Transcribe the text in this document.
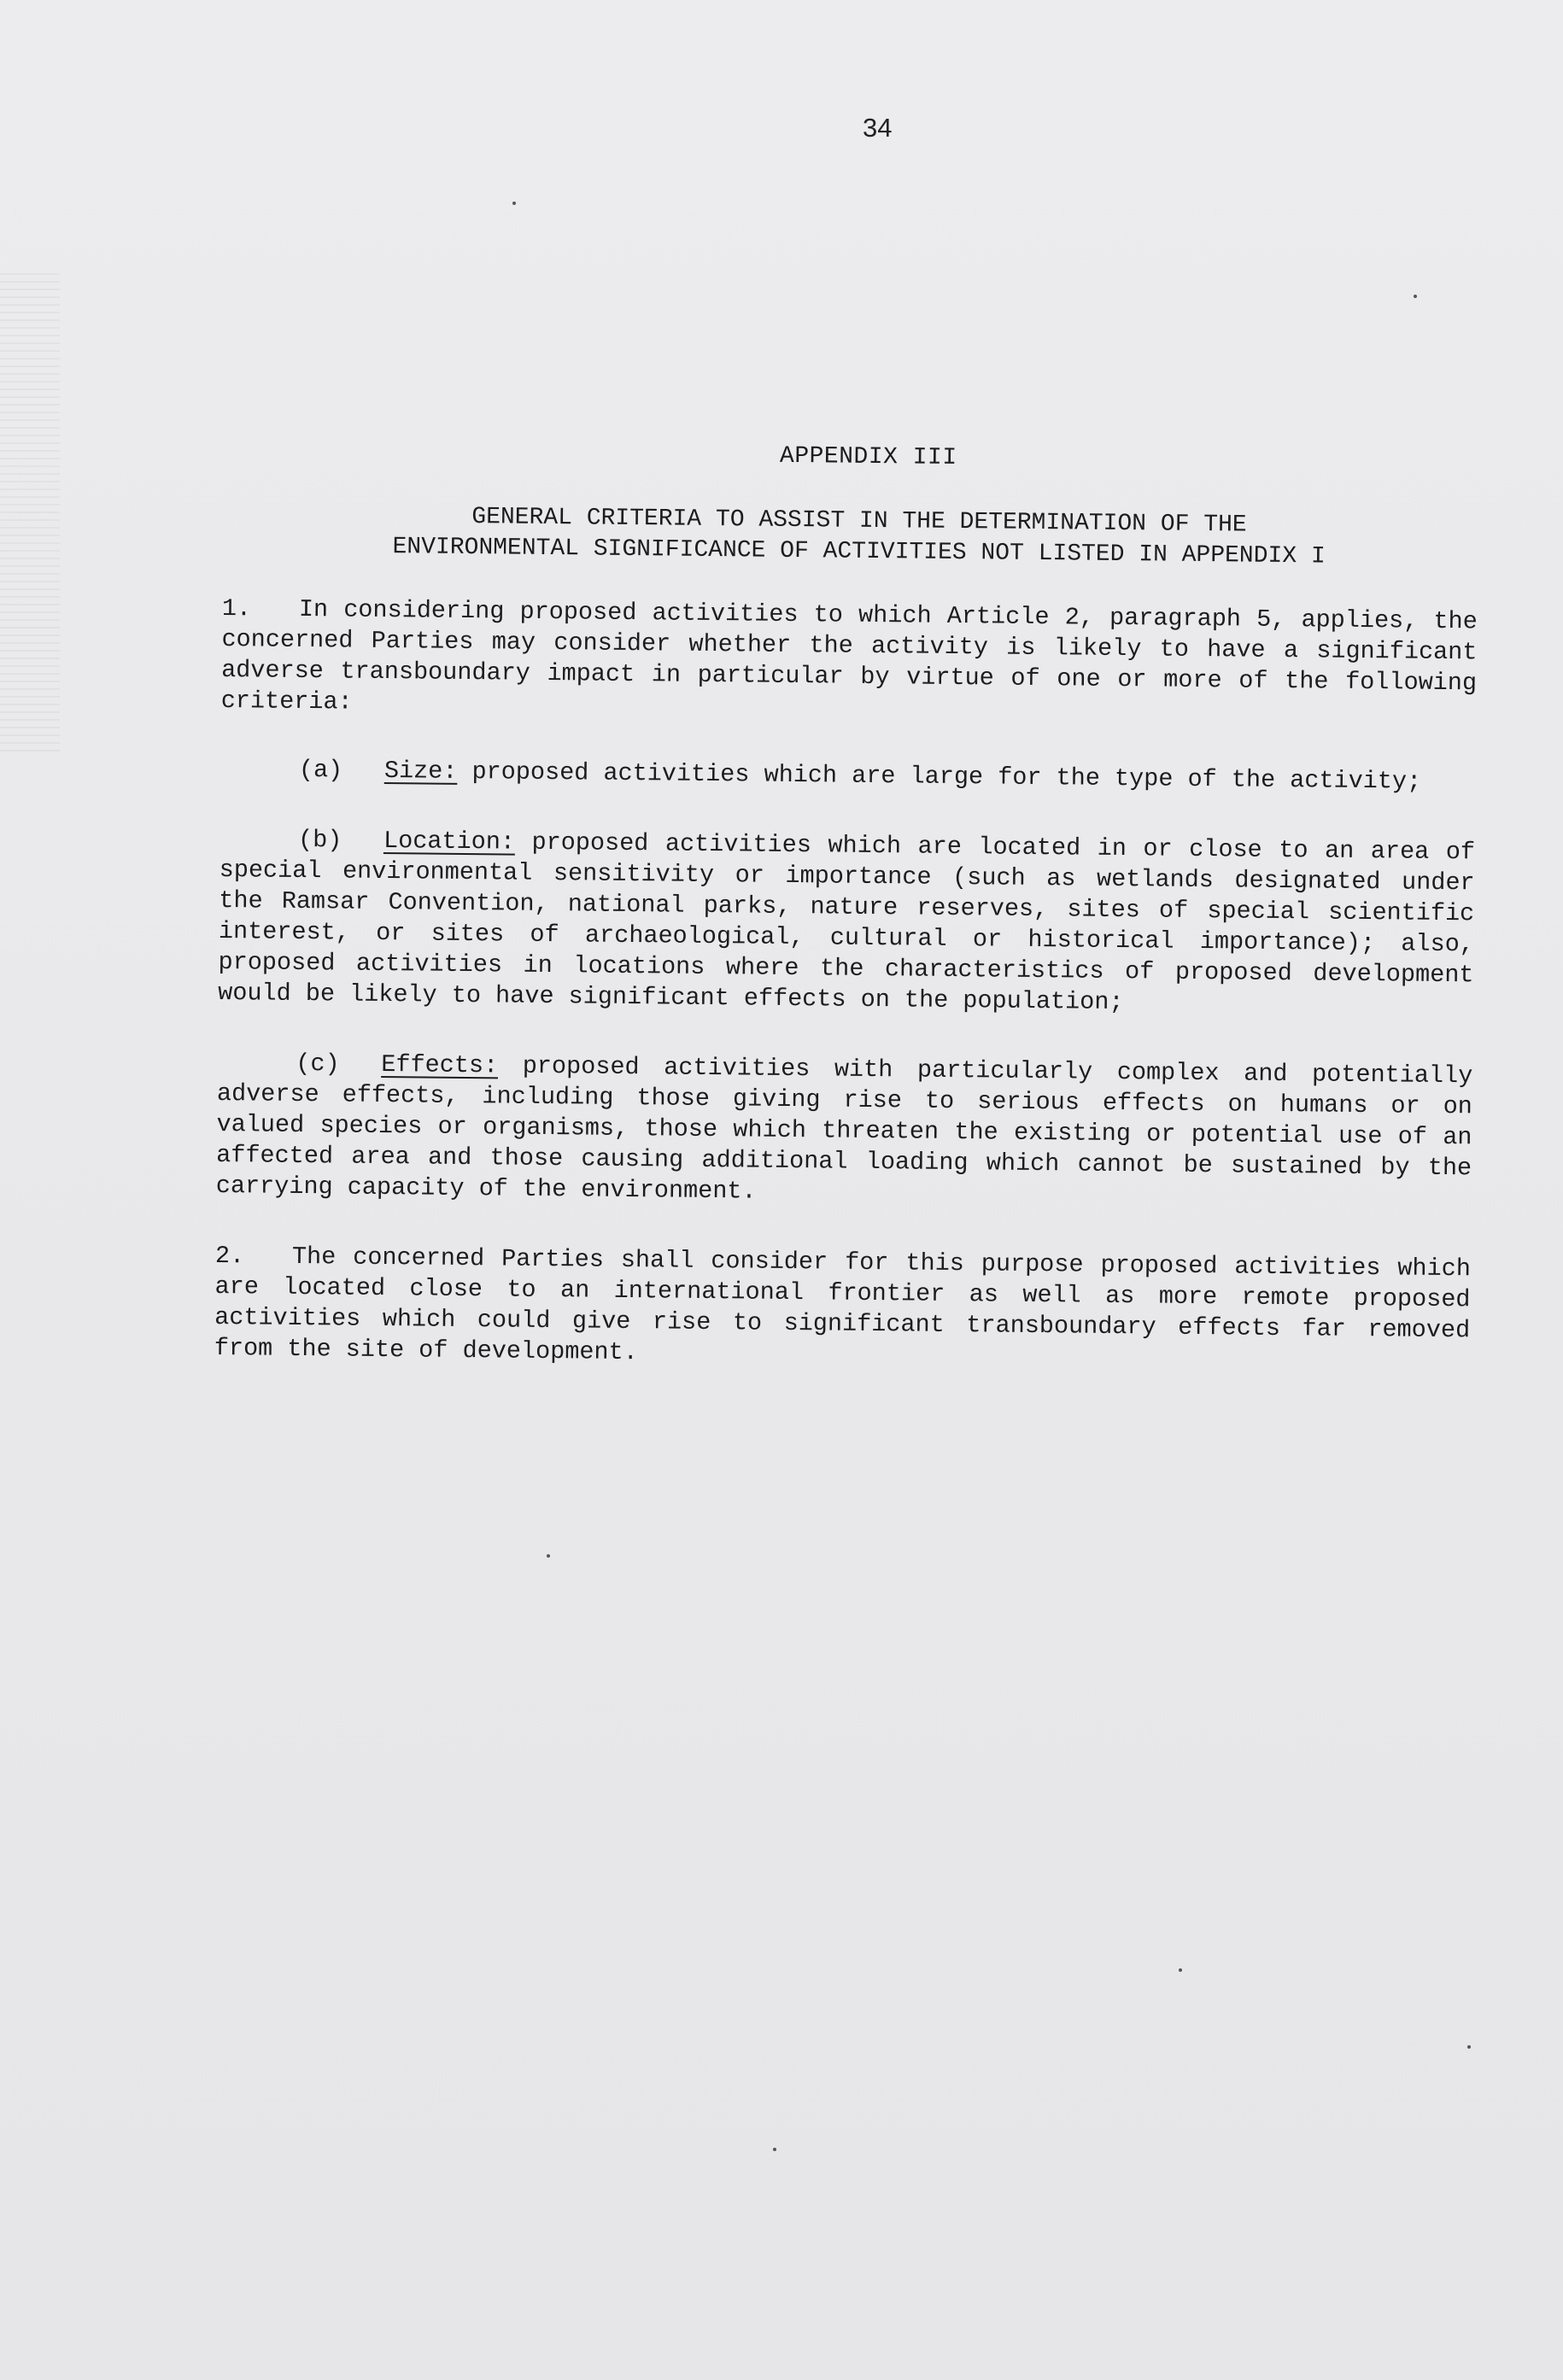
34
APPENDIX III
GENERAL CRITERIA TO ASSIST IN THE DETERMINATION OF THE
ENVIRONMENTAL SIGNIFICANCE OF ACTIVITIES NOT LISTED IN APPENDIX I

1. In considering proposed activities to which Article 2, paragraph 5, applies, the concerned Parties may consider whether the activity is likely to have a significant adverse transboundary impact in particular by virtue of one or more of the following criteria:

(a) Size: proposed activities which are large for the type of the activity;

(b) Location: proposed activities which are located in or close to an area of special environmental sensitivity or importance (such as wetlands designated under the Ramsar Convention, national parks, nature reserves, sites of special scientific interest, or sites of archaeological, cultural or historical importance); also, proposed activities in locations where the characteristics of proposed development would be likely to have significant effects on the population;

(c) Effects: proposed activities with particularly complex and potentially adverse effects, including those giving rise to serious effects on humans or on valued species or organisms, those which threaten the existing or potential use of an affected area and those causing additional loading which cannot be sustained by the carrying capacity of the environment.

2. The concerned Parties shall consider for this purpose proposed activities which are located close to an international frontier as well as more remote proposed activities which could give rise to significant transboundary effects far removed from the site of development.
